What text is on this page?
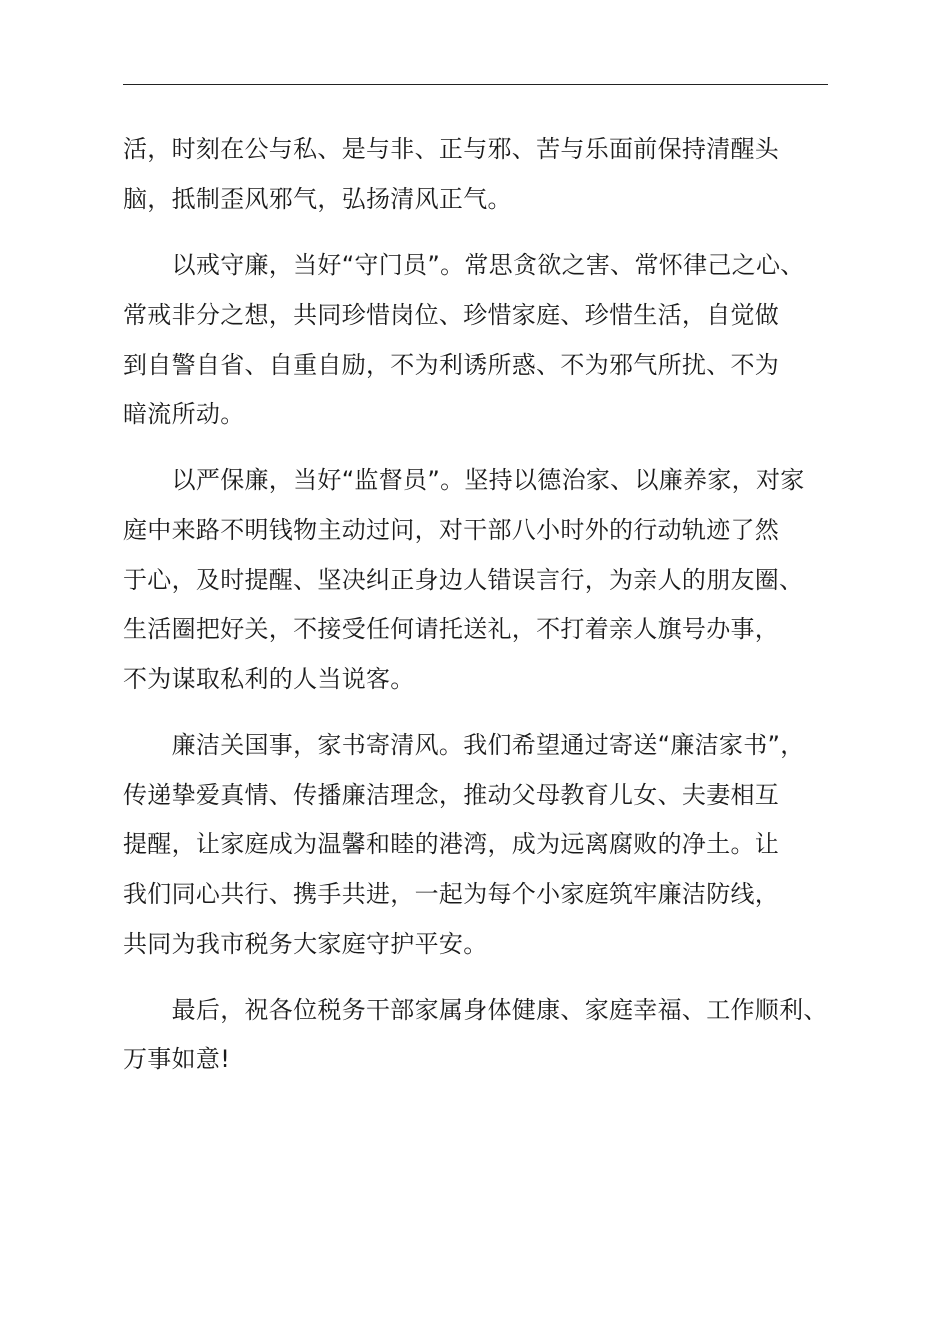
活，时刻在公与私、是与非、正与邪、苦与乐面前保持清醒头
脑，抵制歪风邪气，弘扬清风正气。
　　以戒守廉，当好“守门员”。常思贪欲之害、常怀律己之心、
常戒非分之想，共同珍惜岗位、珍惜家庭、珍惜生活，自觉做
到自警自省、自重自励，不为利诱所惑、不为邪气所扰、不为
暗流所动。
　　以严保廉，当好“监督员”。坚持以德治家、以廉养家，对家
庭中来路不明钱物主动过问，对干部八小时外的行动轨迹了然
于心，及时提醒、坚决纠正身边人错误言行，为亲人的朋友圈、
生活圈把好关，不接受任何请托送礼，不打着亲人旗号办事，
不为谋取私利的人当说客。
　　廉洁关国事，家书寄清风。我们希望通过寄送“廉洁家书”，
传递挚爱真情、传播廉洁理念，推动父母教育儿女、夫妻相互
提醒，让家庭成为温馨和睦的港湾，成为远离腐败的净土。让
我们同心共行、携手共进，一起为每个小家庭筑牢廉洁防线，
共同为我市税务大家庭守护平安。
　　最后，祝各位税务干部家属身体健康、家庭幸福、工作顺利、
万事如意!
